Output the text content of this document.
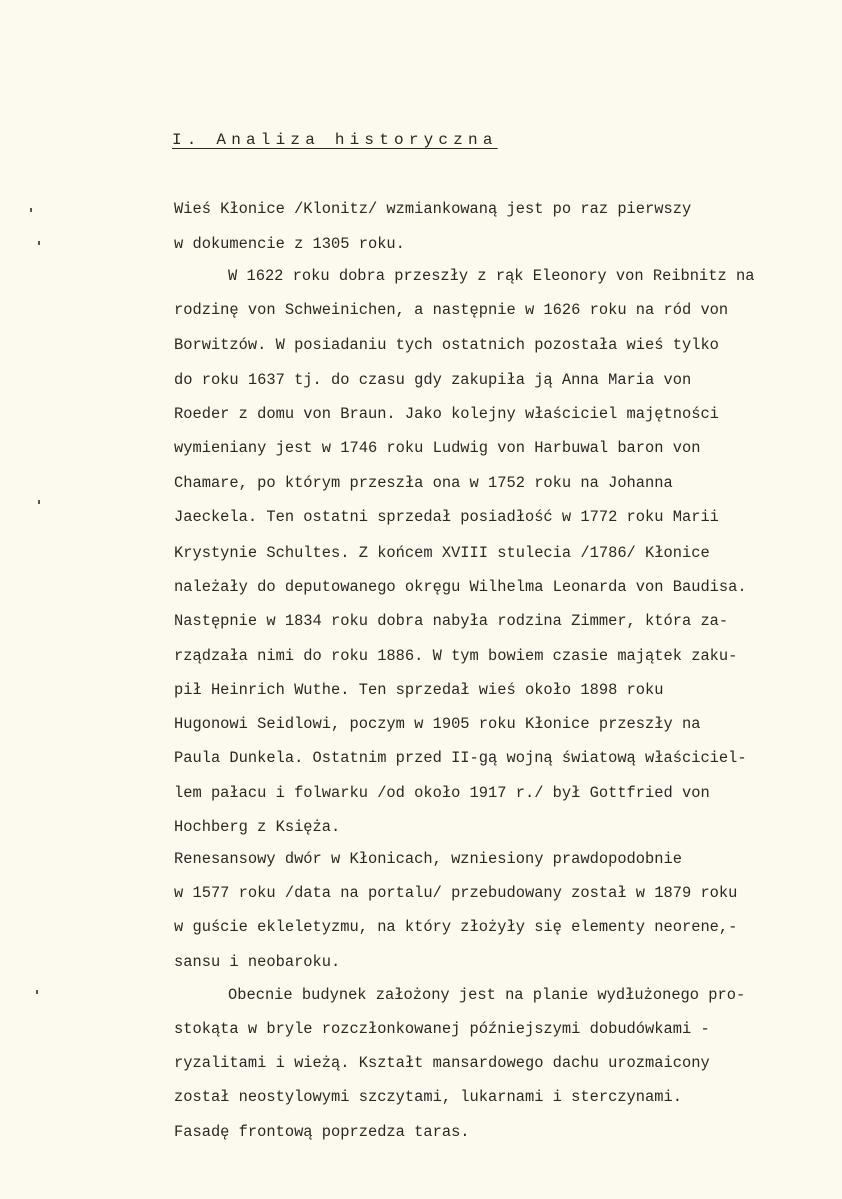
I. Analiza historyczna
Wieś Kłonice /Klonitz/ wzmiankowaną jest po raz pierwszy
w dokumencie z 1305 roku.
W 1622 roku dobra przeszły z rąk Eleonory von Reibnitz na
rodzinę von Schweinichen, a następnie w 1626 roku na ród von
Borwitzów. W posiadaniu tych ostatnich pozostała wieś tylko
do roku 1637 tj. do czasu gdy zakupiła ją Anna Maria von
Roeder z domu von Braun. Jako kolejny właściciel majętności
wymieniany jest w 1746 roku Ludwig von Harbuwal baron von
Chamare, po którym przeszła ona w 1752 roku na Johanna
Jaeckela. Ten ostatni sprzedał posiadłość w 1772 roku Marii
Krystynie Schultes. Z końcem XVIII stulecia /1786/ Kłonice
należały do deputowanego okręgu Wilhelma Leonarda von Baudisa.
Następnie w 1834 roku dobra nabyła rodzina Zimmer, która za-
rządzała nimi do roku 1886. W tym bowiem czasie majątek zaku-
pił Heinrich Wuthe. Ten sprzedał wieś około 1898 roku
Hugonowi Seidlowi, poczym w 1905 roku Kłonice przeszły na
Paula Dunkela. Ostatnim przed II-gą wojną światową właściciel-
lem pałacu i folwarku /od około 1917 r./ był Gottfried von
Hochberg z Księża.
Renesansowy dwór w Kłonicach, wzniesiony prawdopodobnie
w 1577 roku /data na portalu/ przebudowany został w 1879 roku
w guście ekleletyzmu, na który złożyły się elementy neorene,-
sansu i neobaroku.
Obecnie budynek założony jest na planie wydłużonego pro-
stokąta w bryle rozczłonkowanej późniejszymi dobudówkami -
ryzalitami i wieżą. Kształt mansardowego dachu urozmaicony
został neostylowymi szczytami, lukarnami i sterczynami.
Fasadę frontową poprzedza taras.
